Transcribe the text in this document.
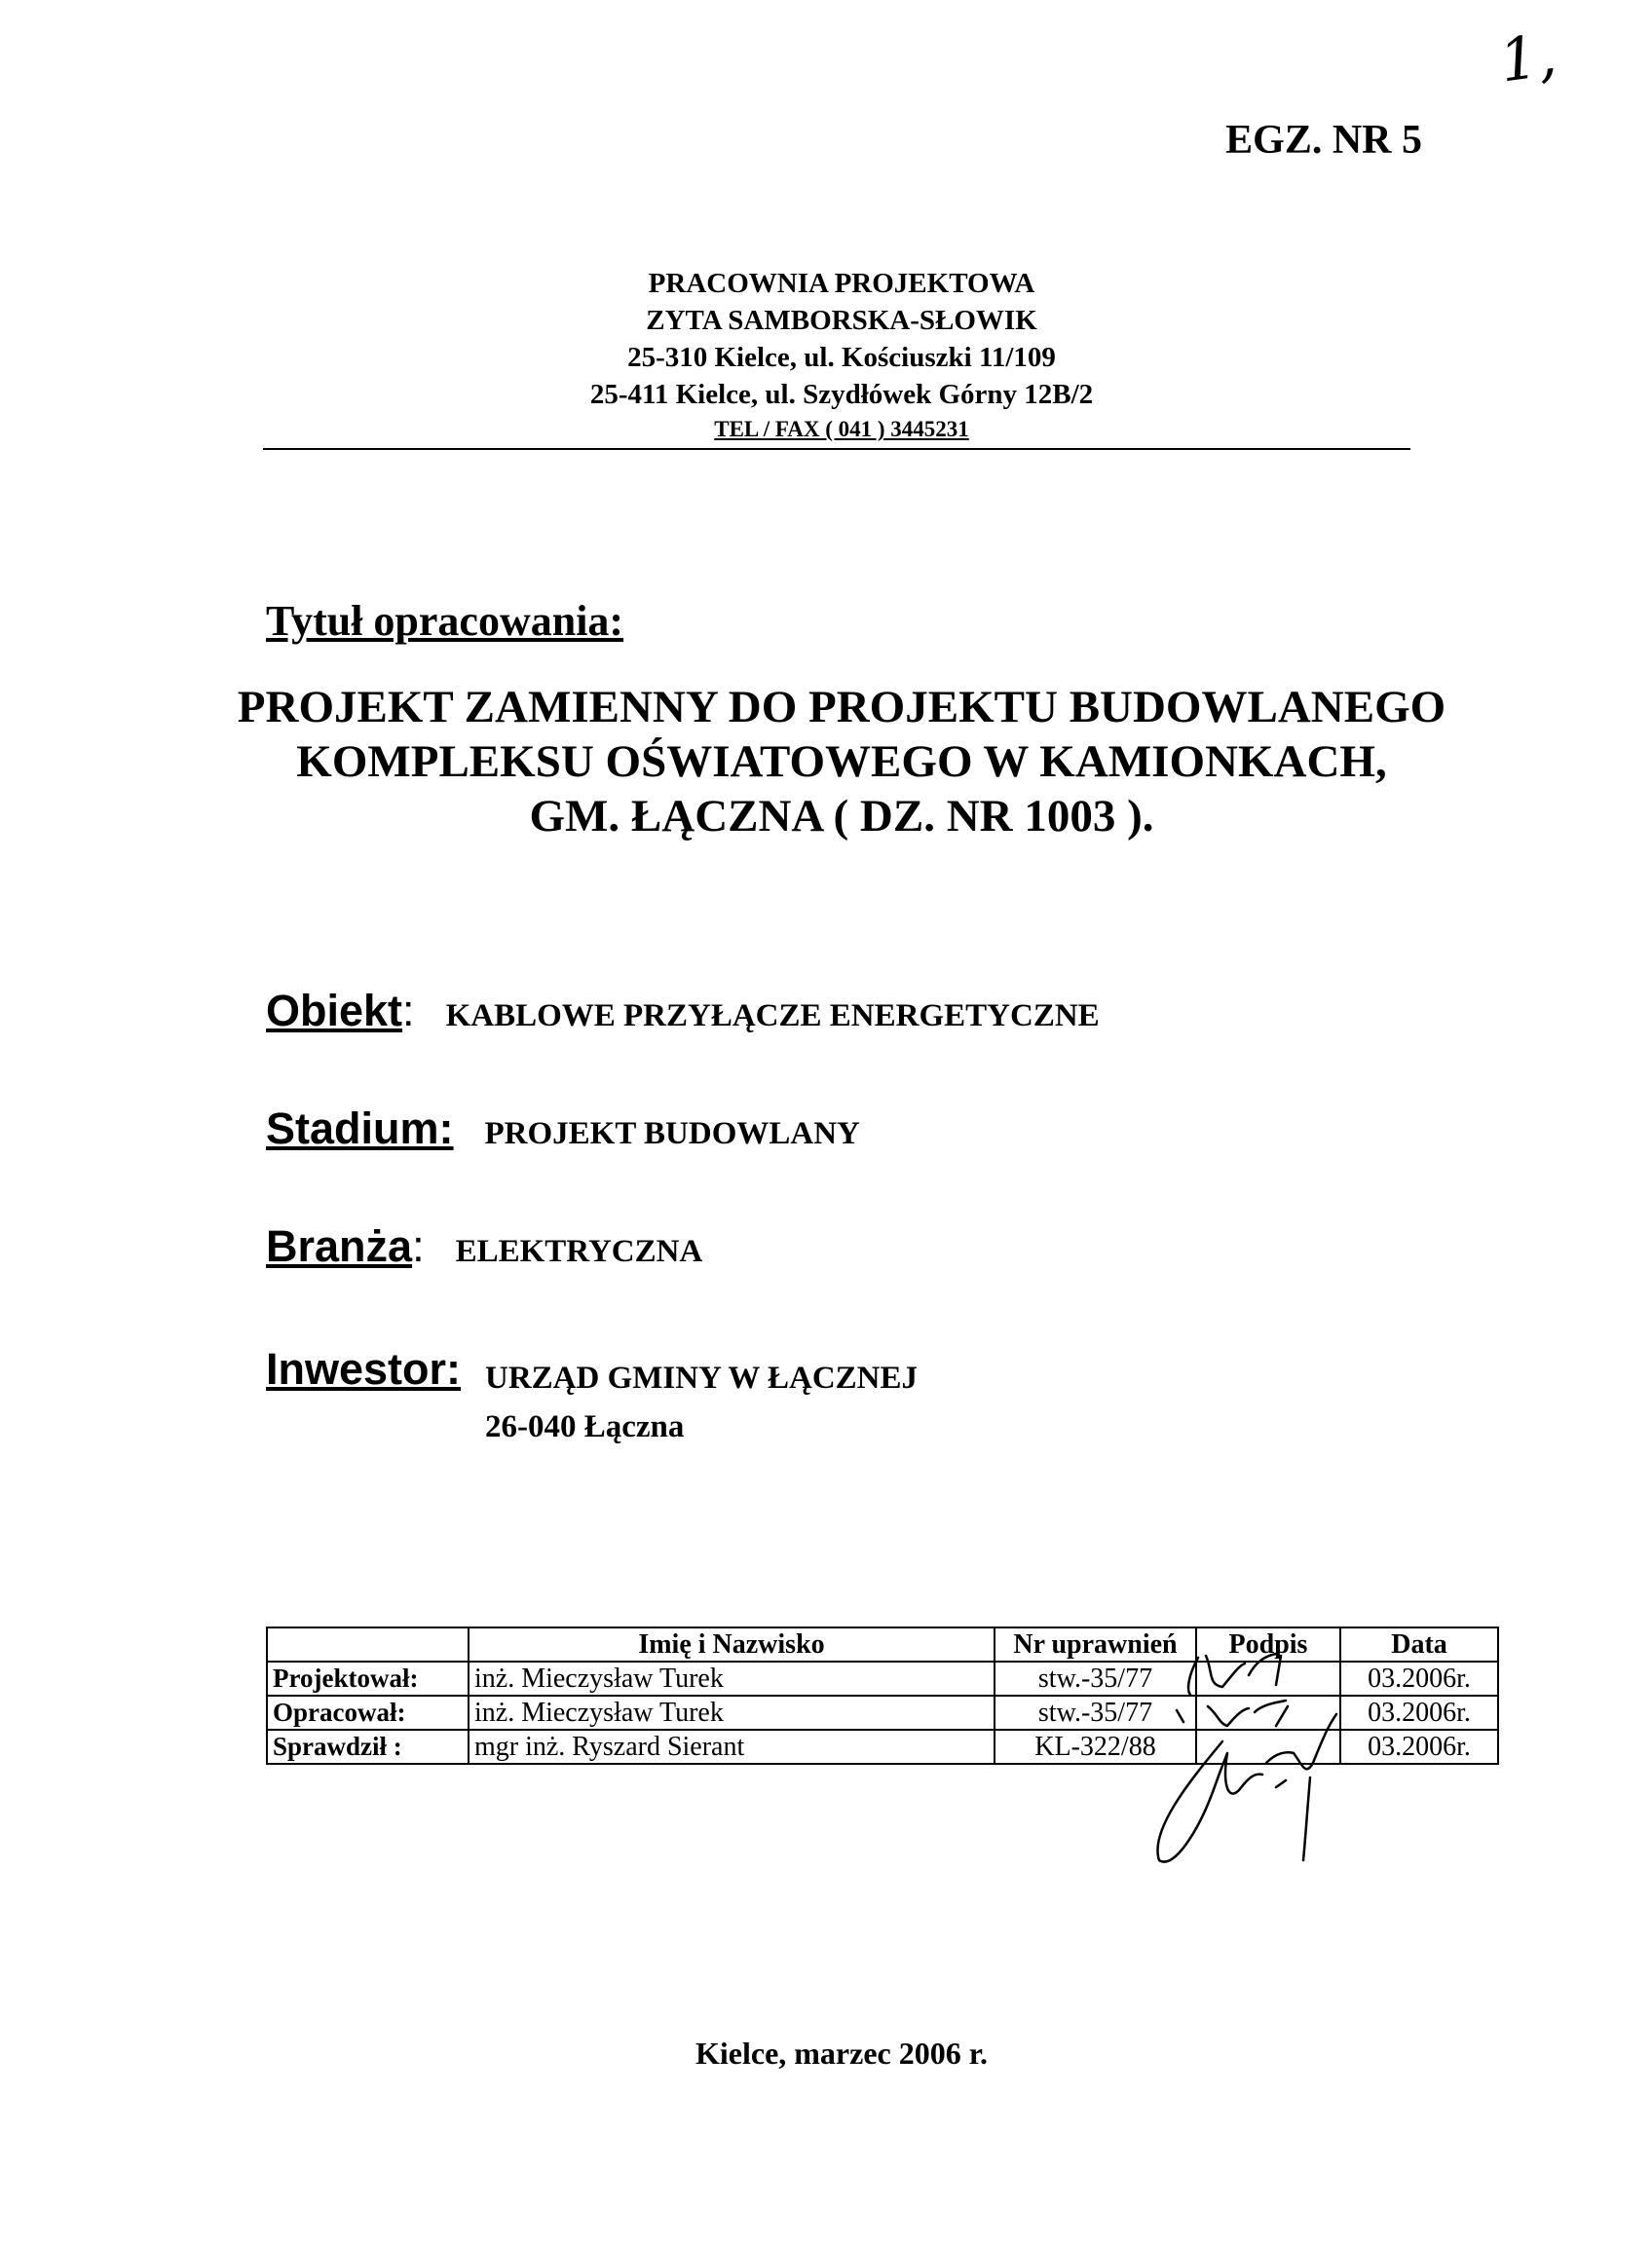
1,
EGZ. NR 5
PRACOWNIA PROJEKTOWA
ZYTA SAMBORSKA-SŁOWIK
25-310 Kielce, ul. Kościuszki 11/109
25-411 Kielce, ul. Szydłówek Górny 12B/2
TEL / FAX ( 041 ) 3445231
Tytuł opracowania:
PROJEKT ZAMIENNY DO PROJEKTU BUDOWLANEGO
KOMPLEKSU OŚWIATOWEGO W KAMIONKACH,
GM. ŁĄCZNA ( DZ. NR 1003 ).
Obiekt: KABLOWE PRZYŁĄCZE ENERGETYCZNE
Stadium: PROJEKT BUDOWLANY
Branża: ELEKTRYCZNA
Inwestor: URZĄD GMINY W ŁĄCZNEJ
26-040 Łączna
	Imię i Nazwisko	Nr uprawnień	Podpis	Data
Projektował:	inż. Mieczysław Turek	stw.-35/77		03.2006r.
Opracował:	inż. Mieczysław Turek	stw.-35/77		03.2006r.
Sprawdził :	mgr inż. Ryszard Sierant	KL-322/88		03.2006r.
Kielce, marzec 2006 r.
